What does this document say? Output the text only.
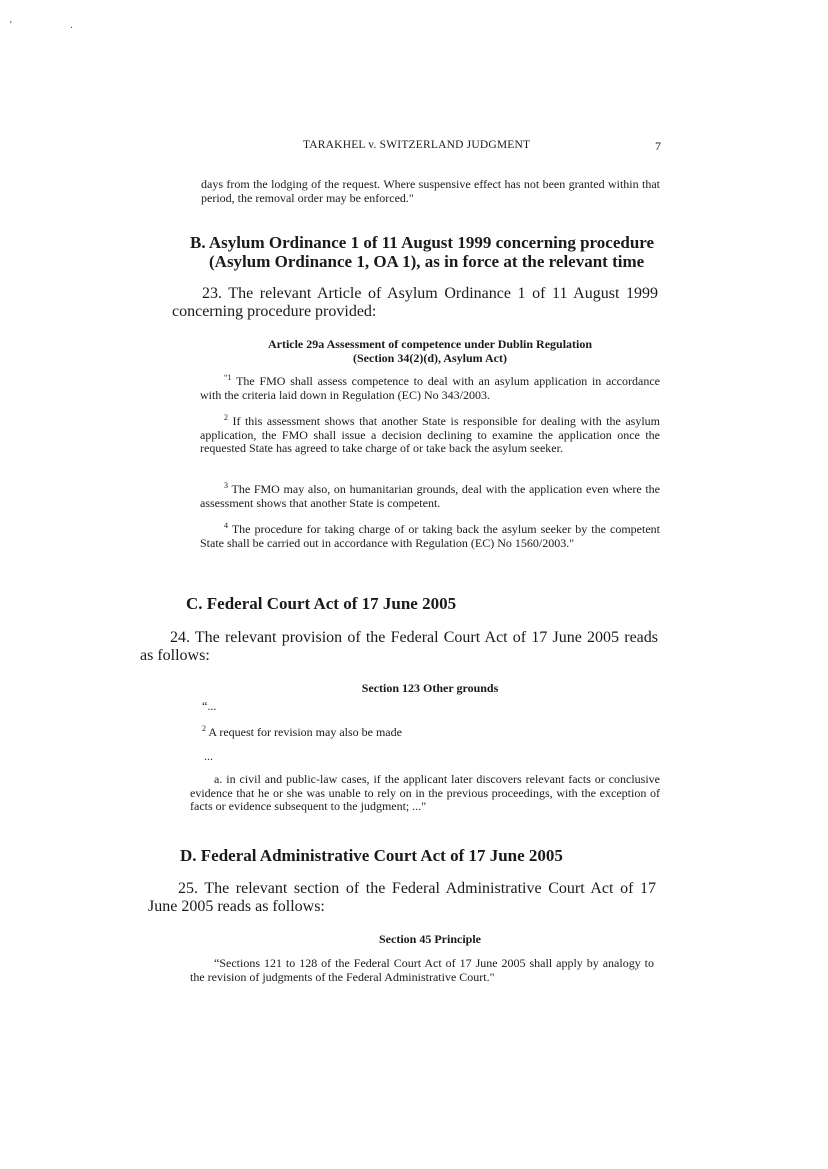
' .
TARAKHEL v. SWITZERLAND JUDGMENT	7

days from the lodging of the request. Where suspensive effect has not been granted within that period, the removal order may be enforced."

B. Asylum Ordinance 1 of 11 August 1999 concerning procedure
(Asylum Ordinance 1, OA 1), as in force at the relevant time

23. The relevant Article of Asylum Ordinance 1 of 11 August 1999 concerning procedure provided:

Article 29a Assessment of competence under Dublin Regulation
(Section 34(2)(d), Asylum Act)

$^{“1}$ The FMO shall assess competence to deal with an asylum application in accordance with the criteria laid down in Regulation (EC) No 343/2003.

$^2$ If this assessment shows that another State is responsible for dealing with the asylum application, the FMO shall issue a decision declining to examine the application once the requested State has agreed to take charge of or take back the asylum seeker.

$^3$ The FMO may also, on humanitarian grounds, deal with the application even where the assessment shows that another State is competent.

$^4$ The procedure for taking charge of or taking back the asylum seeker by the competent State shall be carried out in accordance with Regulation (EC) No 1560/2003."

C. Federal Court Act of 17 June 2005

24. The relevant provision of the Federal Court Act of 17 June 2005 reads as follows:

Section 123 Other grounds
“...

$^2$ A request for revision may also be made

...

a. in civil and public-law cases, if the applicant later discovers relevant facts or conclusive evidence that he or she was unable to rely on in the previous proceedings, with the exception of facts or evidence subsequent to the judgment; ..."

D. Federal Administrative Court Act of 17 June 2005

25. The relevant section of the Federal Administrative Court Act of 17 June 2005 reads as follows:

Section 45 Principle

“Sections 121 to 128 of the Federal Court Act of 17 June 2005 shall apply by analogy to the revision of judgments of the Federal Administrative Court."
